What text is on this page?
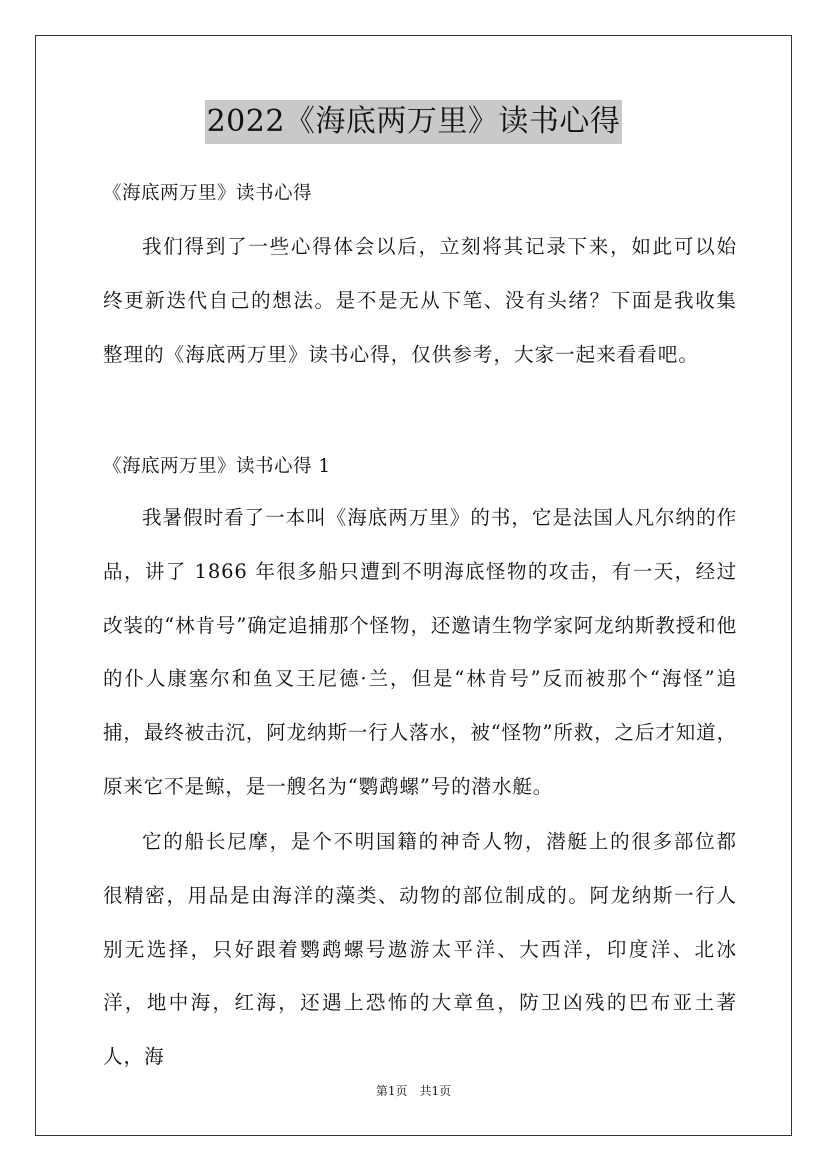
2022《海底两万里》读书心得
《海底两万里》读书心得

我们得到了一些心得体会以后，立刻将其记录下来，如此可以始终更新迭代自己的想法。是不是无从下笔、没有头绪？下面是我收集整理的《海底两万里》读书心得，仅供参考，大家一起来看看吧。

《海底两万里》读书心得 1

我暑假时看了一本叫《海底两万里》的书，它是法国人凡尔纳的作品，讲了 1866 年很多船只遭到不明海底怪物的攻击，有一天，经过改装的“林肯号”确定追捕那个怪物，还邀请生物学家阿龙纳斯教授和他的仆人康塞尔和鱼叉王尼德·兰，但是“林肯号”反而被那个“海怪”追捕，最终被击沉，阿龙纳斯一行人落水，被“怪物”所救，之后才知道，原来它不是鲸，是一艘名为“鹦鹉螺”号的潜水艇。

它的船长尼摩，是个不明国籍的神奇人物，潜艇上的很多部位都很精密，用品是由海洋的藻类、动物的部位制成的。阿龙纳斯一行人别无选择，只好跟着鹦鹉螺号遨游太平洋、大西洋，印度洋、北冰洋，地中海，红海，还遇上恐怖的大章鱼，防卫凶残的巴布亚土著人，海

第1页　共1页
